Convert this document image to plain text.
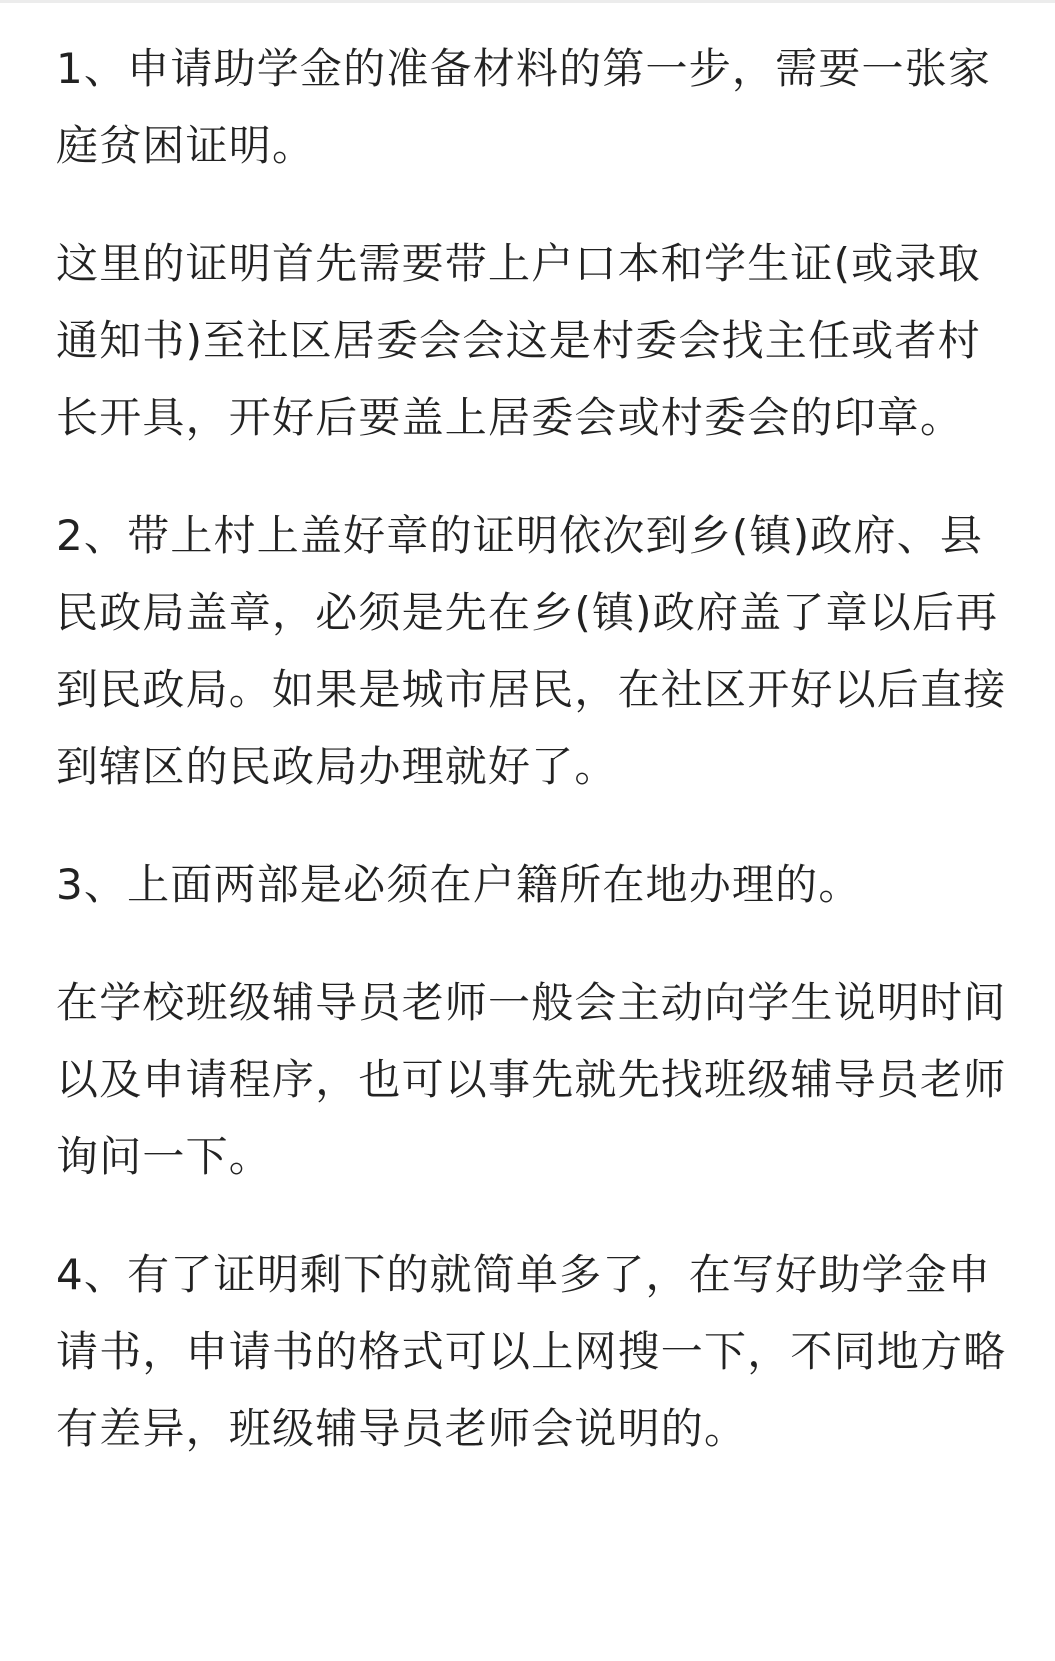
1、申请助学金的准备材料的第一步，需要一张家庭贫困证明。

这里的证明首先需要带上户口本和学生证(或录取通知书)至社区居委会会这是村委会找主任或者村长开具，开好后要盖上居委会或村委会的印章。

2、带上村上盖好章的证明依次到乡(镇)政府、县民政局盖章，必须是先在乡(镇)政府盖了章以后再到民政局。如果是城市居民，在社区开好以后直接到辖区的民政局办理就好了。

3、上面两部是必须在户籍所在地办理的。

在学校班级辅导员老师一般会主动向学生说明时间以及申请程序，也可以事先就先找班级辅导员老师询问一下。

4、有了证明剩下的就简单多了，在写好助学金申请书，申请书的格式可以上网搜一下，不同地方略有差异，班级辅导员老师会说明的。
